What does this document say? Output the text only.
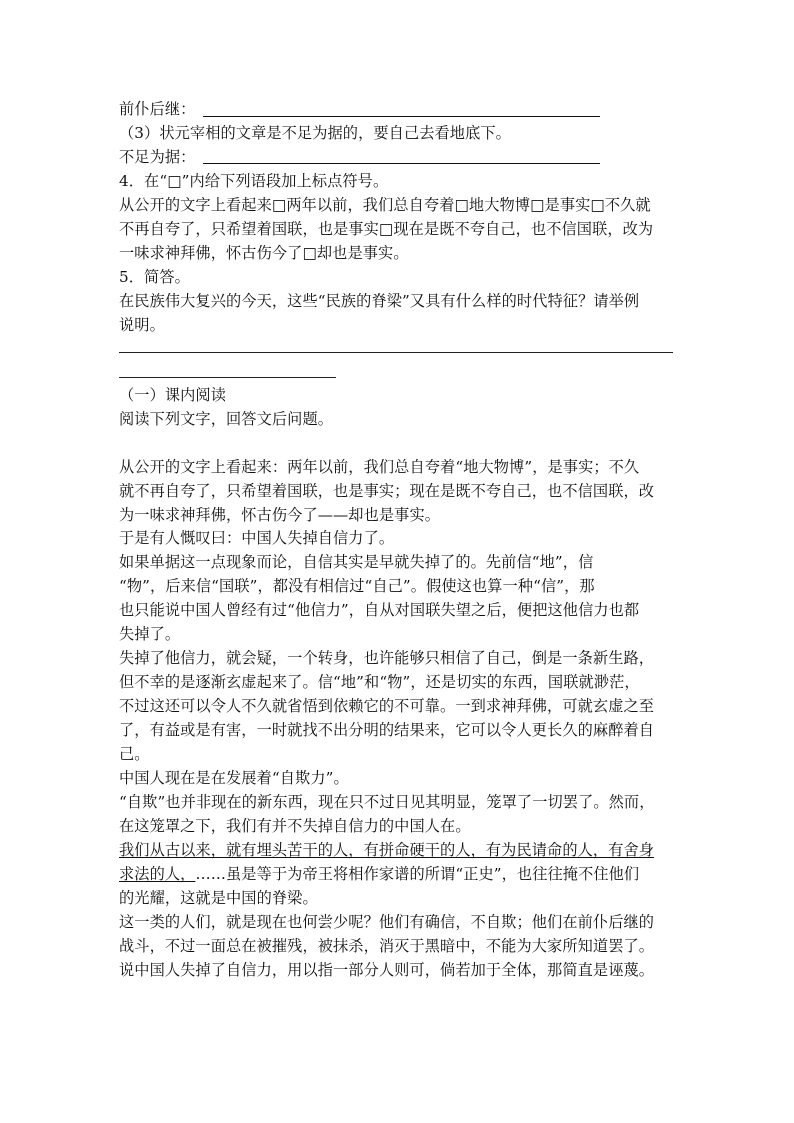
前仆后继：
（3）状元宰相的文章是不足为据的，要自己去看地底下。
不足为据：
4．在“□”内给下列语段加上标点符号。
从公开的文字上看起来□两年以前，我们总自夸着□地大物博□是事实□不久就
不再自夸了，只希望着国联，也是事实□现在是既不夸自己，也不信国联，改为
一味求神拜佛，怀古伤今了□却也是事实。
5．简答。
在民族伟大复兴的今天，这些“民族的脊梁”又具有什么样的时代特征？请举例
说明。
（一）课内阅读
阅读下列文字，回答文后问题。
从公开的文字上看起来：两年以前，我们总自夸着“地大物博”，是事实；不久
就不再自夸了，只希望着国联，也是事实；现在是既不夸自己，也不信国联，改
为一味求神拜佛，怀古伤今了——却也是事实。
于是有人慨叹曰：中国人失掉自信力了。
如果单据这一点现象而论，自信其实是早就失掉了的。先前信“地”，信
“物”，后来信“国联”，都没有相信过“自己”。假使这也算一种“信”，那
也只能说中国人曾经有过“他信力”，自从对国联失望之后，便把这他信力也都
失掉了。
失掉了他信力，就会疑，一个转身，也许能够只相信了自己，倒是一条新生路，
但不幸的是逐渐玄虚起来了。信“地”和“物”，还是切实的东西，国联就渺茫，
不过这还可以令人不久就省悟到依赖它的不可靠。一到求神拜佛，可就玄虚之至
了，有益或是有害，一时就找不出分明的结果来，它可以令人更长久的麻醉着自
己。
中国人现在是在发展着“自欺力”。
“自欺”也并非现在的新东西，现在只不过日见其明显，笼罩了一切罢了。然而，
在这笼罩之下，我们有并不失掉自信力的中国人在。
我们从古以来，就有埋头苦干的人，有拼命硬干的人，有为民请命的人，有舍身
求法的人，……虽是等于为帝王将相作家谱的所谓“正史”，也往往掩不住他们
的光耀，这就是中国的脊梁。
这一类的人们，就是现在也何尝少呢？他们有确信，不自欺；他们在前仆后继的
战斗，不过一面总在被摧残，被抹杀，消灭于黑暗中，不能为大家所知道罢了。
说中国人失掉了自信力，用以指一部分人则可，倘若加于全体，那简直是诬蔑。
